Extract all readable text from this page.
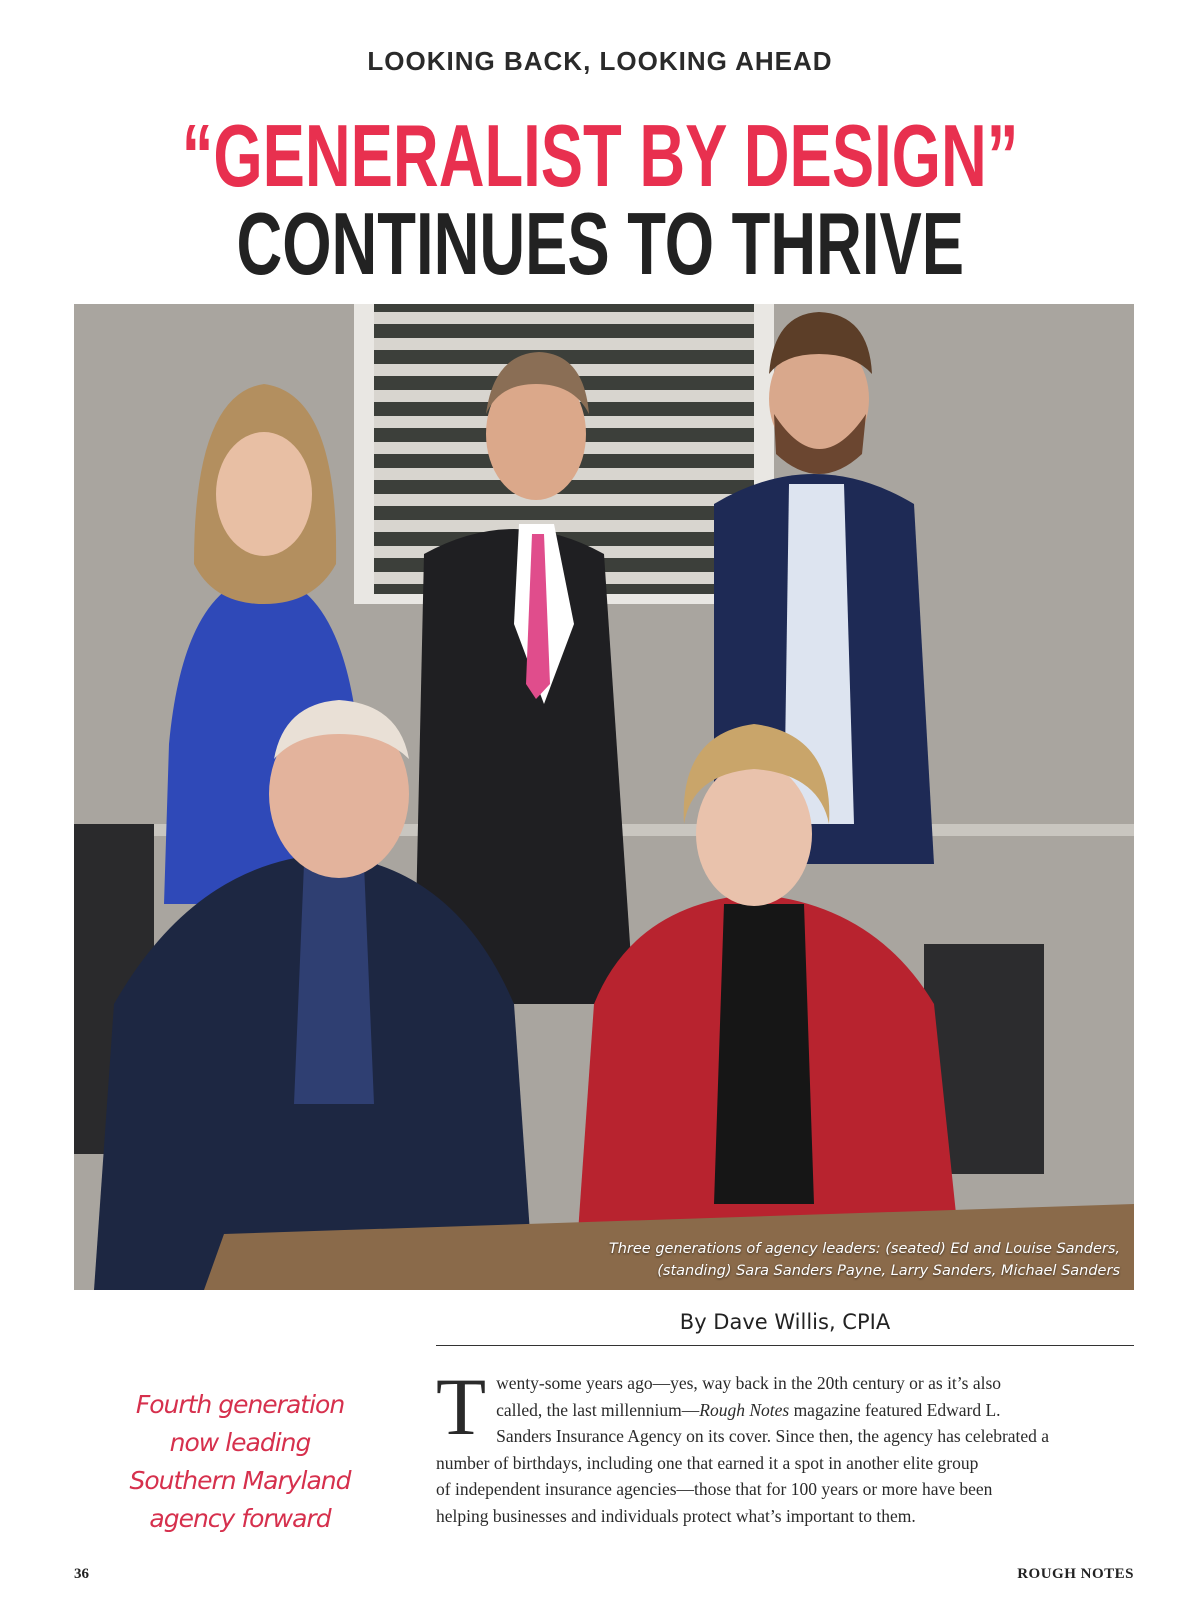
LOOKING BACK, LOOKING AHEAD
“GENERALIST BY DESIGN”
CONTINUES TO THRIVE
Three generations of agency leaders: (seated) Ed and Louise Sanders,
(standing) Sara Sanders Payne, Larry Sanders, Michael Sanders
By Dave Willis, CPIA
Fourth generation
now leading
Southern Maryland
agency forward
T wenty-some years ago—yes, way back in the 20th century or as it’s also
called, the last millennium—Rough Notes magazine featured Edward L.
Sanders Insurance Agency on its cover. Since then, the agency has celebrated a
number of birthdays, including one that earned it a spot in another elite group
of independent insurance agencies—those that for 100 years or more have been
helping businesses and individuals protect what’s important to them.
36	ROUGH NOTES
